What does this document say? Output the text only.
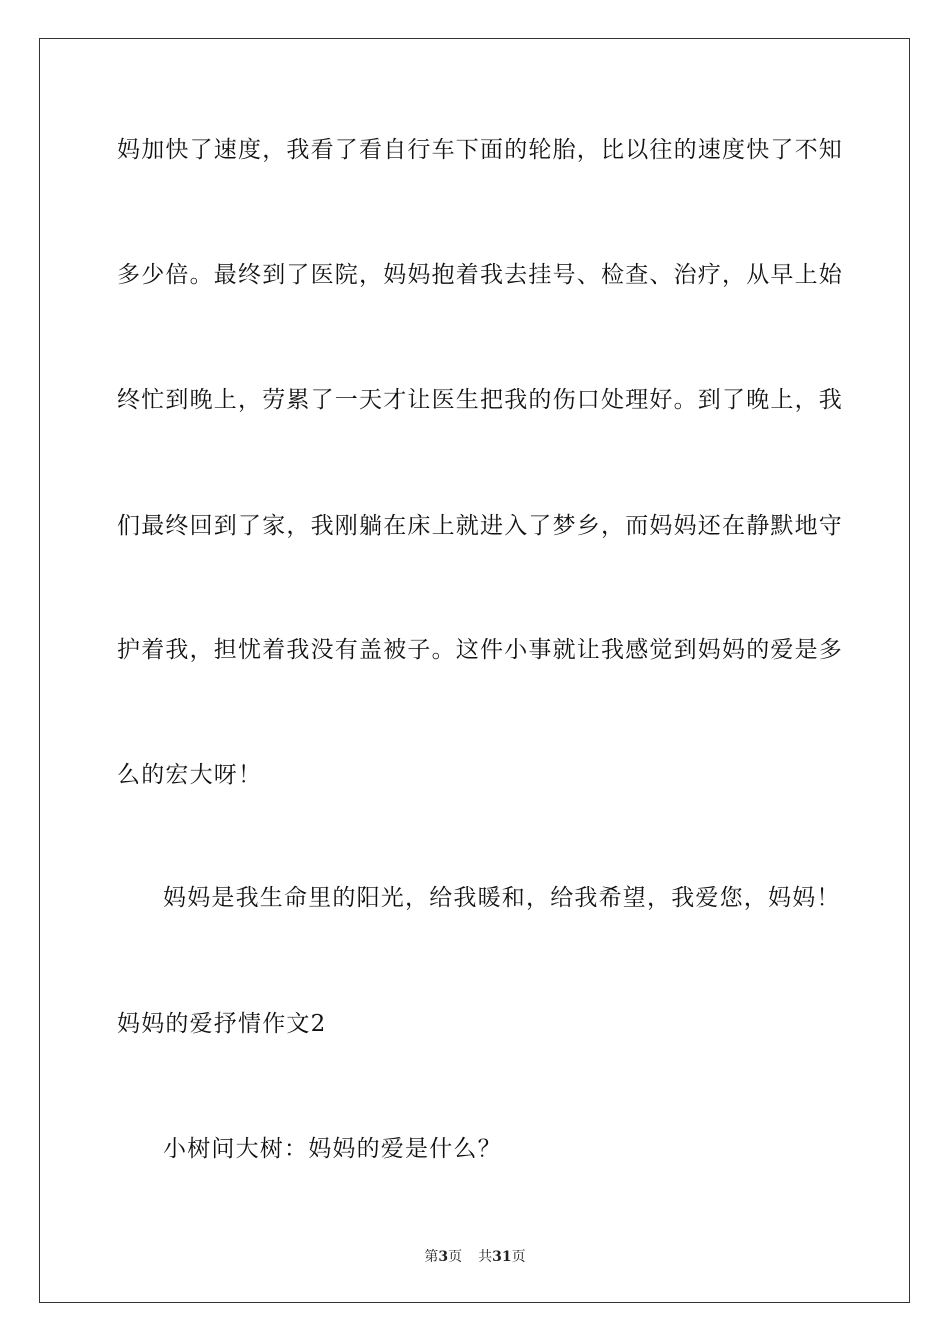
妈加快了速度，我看了看自行车下面的轮胎，比以往的速度快了不知
多少倍。最终到了医院，妈妈抱着我去挂号、检查、治疗，从早上始
终忙到晚上，劳累了一天才让医生把我的伤口处理好。到了晚上，我
们最终回到了家，我刚躺在床上就进入了梦乡，而妈妈还在静默地守
护着我，担忧着我没有盖被子。这件小事就让我感觉到妈妈的爱是多
么的宏大呀！
妈妈是我生命里的阳光，给我暖和，给我希望，我爱您，妈妈！
妈妈的爱抒情作文2
小树问大树：妈妈的爱是什么？
第3页 共31页
